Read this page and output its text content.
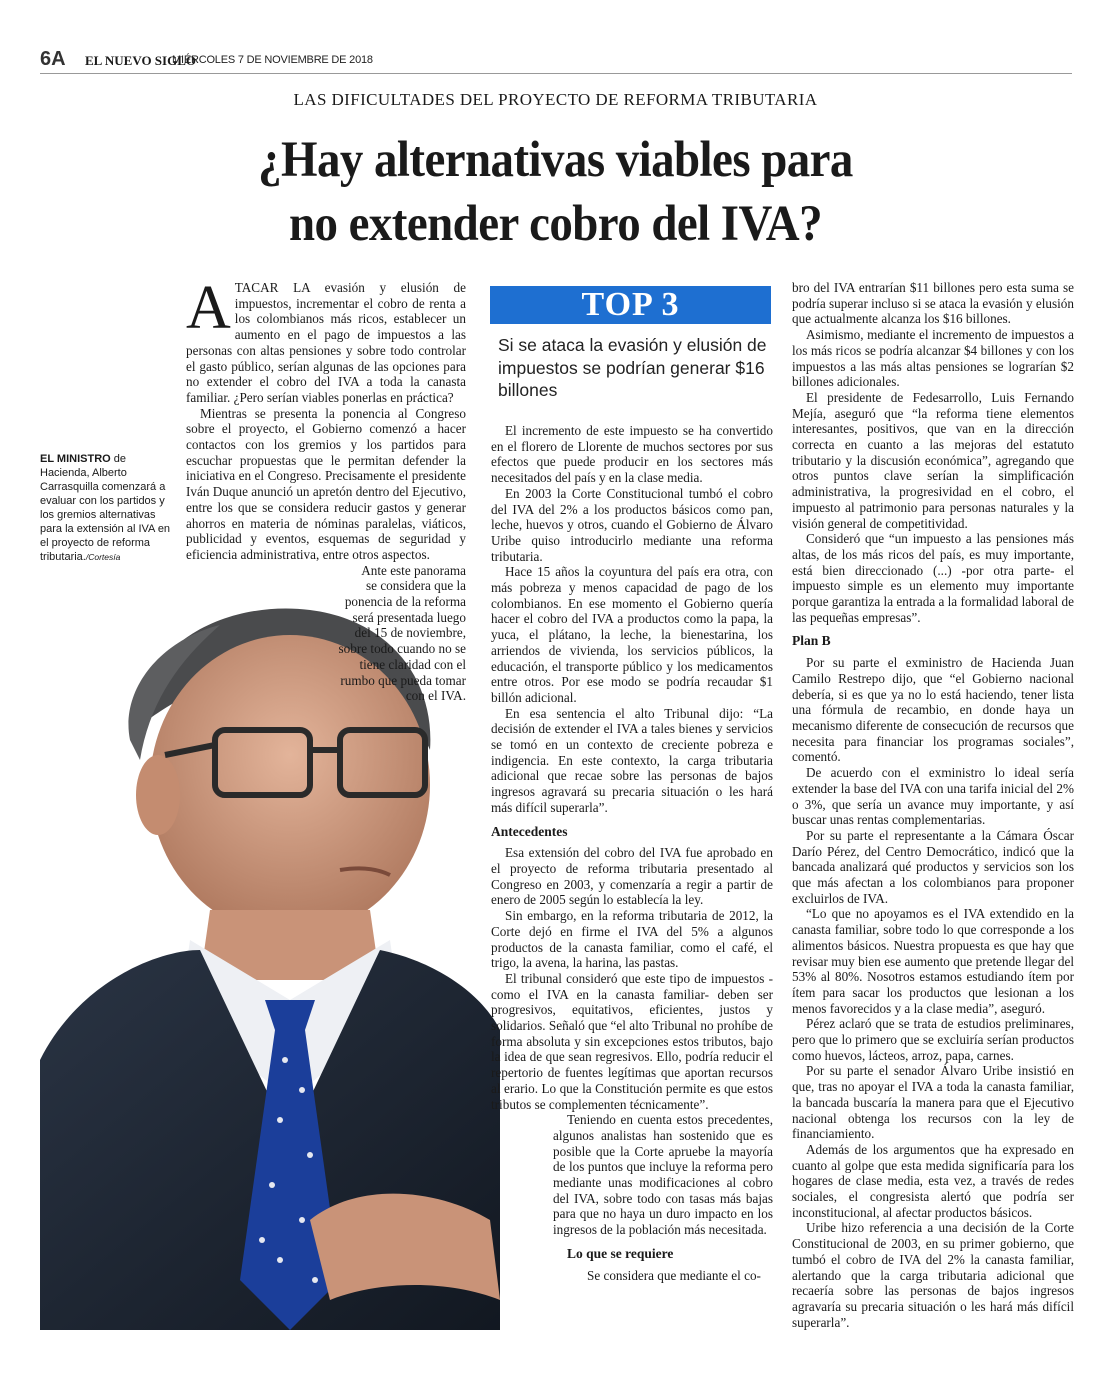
6A EL NUEVO SIGLO
MIÉRCOLES 7 DE NOVIEMBRE DE 2018
LAS DIFICULTADES DEL PROYECTO DE REFORMA TRIBUTARIA
¿Hay alternativas viables para
no extender cobro del IVA?
EL MINISTRO de Hacienda, Alberto Carrasquilla comenzará a evaluar con los partidos y los gremios alternativas para la extensión al IVA en el proyecto de reforma tributaria./Cortesía

ATACAR LA evasión y elusión de impuestos, incrementar el cobro de renta a los colombianos más ricos, establecer un aumento en el pago de impuestos a las personas con altas pensiones y sobre todo controlar el gasto público, serían algunas de las opciones para no extender el cobro del IVA a toda la canasta familiar. ¿Pero serían viables ponerlas en práctica?

Mientras se presenta la ponencia al Congreso sobre el proyecto, el Gobierno comenzó a hacer contactos con los gremios y los partidos para escuchar propuestas que le permitan defender la iniciativa en el Congreso. Precisamente el presidente Iván Duque anunció un apretón dentro del Ejecutivo, entre los que se considera reducir gastos y generar ahorros en materia de nóminas paralelas, viáticos, publicidad y eventos, esquemas de seguridad y eficiencia administrativa, entre otros aspectos.

Ante este panorama se considera que la ponencia de la reforma será presentada luego del 15 de noviembre, sobre todo cuando no se tiene claridad con el rumbo que pueda tomar con el IVA.

TOP 3
Si se ataca la evasión y elusión de impuestos se podrían generar $16 billones

El incremento de este impuesto se ha convertido en el florero de Llorente de muchos sectores por sus efectos que puede producir en los sectores más necesitados del país y en la clase media.

En 2003 la Corte Constitucional tumbó el cobro del IVA del 2% a los productos básicos como pan, leche, huevos y otros, cuando el Gobierno de Álvaro Uribe quiso introducirlo mediante una reforma tributaria.

Hace 15 años la coyuntura del país era otra, con más pobreza y menos capacidad de pago de los colombianos. En ese momento el Gobierno quería hacer el cobro del IVA a productos como la papa, la yuca, el plátano, la leche, la bienestarina, los arriendos de vivienda, los servicios públicos, la educación, el transporte público y los medicamentos entre otros. Por ese modo se podría recaudar $1 billón adicional.

En esa sentencia el alto Tribunal dijo: “La decisión de extender el IVA a tales bienes y servicios se tomó en un contexto de creciente pobreza e indigencia. En este contexto, la carga tributaria adicional que recae sobre las personas de bajos ingresos agravará su precaria situación o les hará más difícil superarla”.

Antecedentes

Esa extensión del cobro del IVA fue aprobado en el proyecto de reforma tributaria presentado al Congreso en 2003, y comenzaría a regir a partir de enero de 2005 según lo establecía la ley.

Sin embargo, en la reforma tributaria de 2012, la Corte dejó en firme el IVA del 5% a algunos productos de la canasta familiar, como el café, el trigo, la avena, la harina, las pastas.

El tribunal consideró que este tipo de impuestos -como el IVA en la canasta familiar- deben ser progresivos, equitativos, eficientes, justos y solidarios. Señaló que “el alto Tribunal no prohíbe de forma absoluta y sin excepciones estos tributos, bajo la idea de que sean regresivos. Ello, podría reducir el repertorio de fuentes legítimas que aportan recursos al erario. Lo que la Constitución permite es que estos tributos se complementen técnicamente”.

Teniendo en cuenta estos precedentes, algunos analistas han sostenido que es posible que la Corte apruebe la mayoría de los puntos que incluye la reforma pero mediante unas modificaciones al cobro del IVA, sobre todo con tasas más bajas para que no haya un duro impacto en los ingresos de la población más necesitada.

Lo que se requiere

Se considera que mediante el co-

bro del IVA entrarían $11 billones pero esta suma se podría superar incluso si se ataca la evasión y elusión que actualmente alcanza los $16 billones.

Asimismo, mediante el incremento de impuestos a los más ricos se podría alcanzar $4 billones y con los impuestos a las más altas pensiones se lograrían $2 billones adicionales.

El presidente de Fedesarrollo, Luis Fernando Mejía, aseguró que “la reforma tiene elementos interesantes, positivos, que van en la dirección correcta en cuanto a las mejoras del estatuto tributario y la discusión económica”, agregando que otros puntos clave serían la simplificación administrativa, la progresividad en el cobro, el impuesto al patrimonio para personas naturales y la visión general de competitividad.

Consideró que “un impuesto a las pensiones más altas, de los más ricos del país, es muy importante, está bien direccionado (...) -por otra parte- el impuesto simple es un elemento muy importante porque garantiza la entrada a la formalidad laboral de las pequeñas empresas”.

Plan B

Por su parte el exministro de Hacienda Juan Camilo Restrepo dijo, que “el Gobierno nacional debería, si es que ya no lo está haciendo, tener lista una fórmula de recambio, en donde haya un mecanismo diferente de consecución de recursos que necesita para financiar los programas sociales”, comentó.

De acuerdo con el exministro lo ideal sería extender la base del IVA con una tarifa inicial del 2% o 3%, que sería un avance muy importante, y así buscar unas rentas complementarias.

Por su parte el representante a la Cámara Óscar Darío Pérez, del Centro Democrático, indicó que la bancada analizará qué productos y servicios son los que más afectan a los colombianos para proponer excluirlos de IVA.

“Lo que no apoyamos es el IVA extendido en la canasta familiar, sobre todo lo que corresponde a los alimentos básicos. Nuestra propuesta es que hay que revisar muy bien ese aumento que pretende llegar del 53% al 80%. Nosotros estamos estudiando ítem por ítem para sacar los productos que lesionan a los menos favorecidos y a la clase media”, aseguró.

Pérez aclaró que se trata de estudios preliminares, pero que lo primero que se excluiría serían productos como huevos, lácteos, arroz, papa, carnes.

Por su parte el senador Álvaro Uribe insistió en que, tras no apoyar el IVA a toda la canasta familiar, la bancada buscaría la manera para que el Ejecutivo nacional obtenga los recursos con la ley de financiamiento.

Además de los argumentos que ha expresado en cuanto al golpe que esta medida significaría para los hogares de clase media, esta vez, a través de redes sociales, el congresista alertó que podría ser inconstitucional, al afectar productos básicos.

Uribe hizo referencia a una decisión de la Corte Constitucional de 2003, en su primer gobierno, que tumbó el cobro de IVA del 2% la canasta familiar, alertando que la carga tributaria adicional que recaería sobre las personas de bajos ingresos agravaría su precaria situación o les hará más difícil superarla”.
